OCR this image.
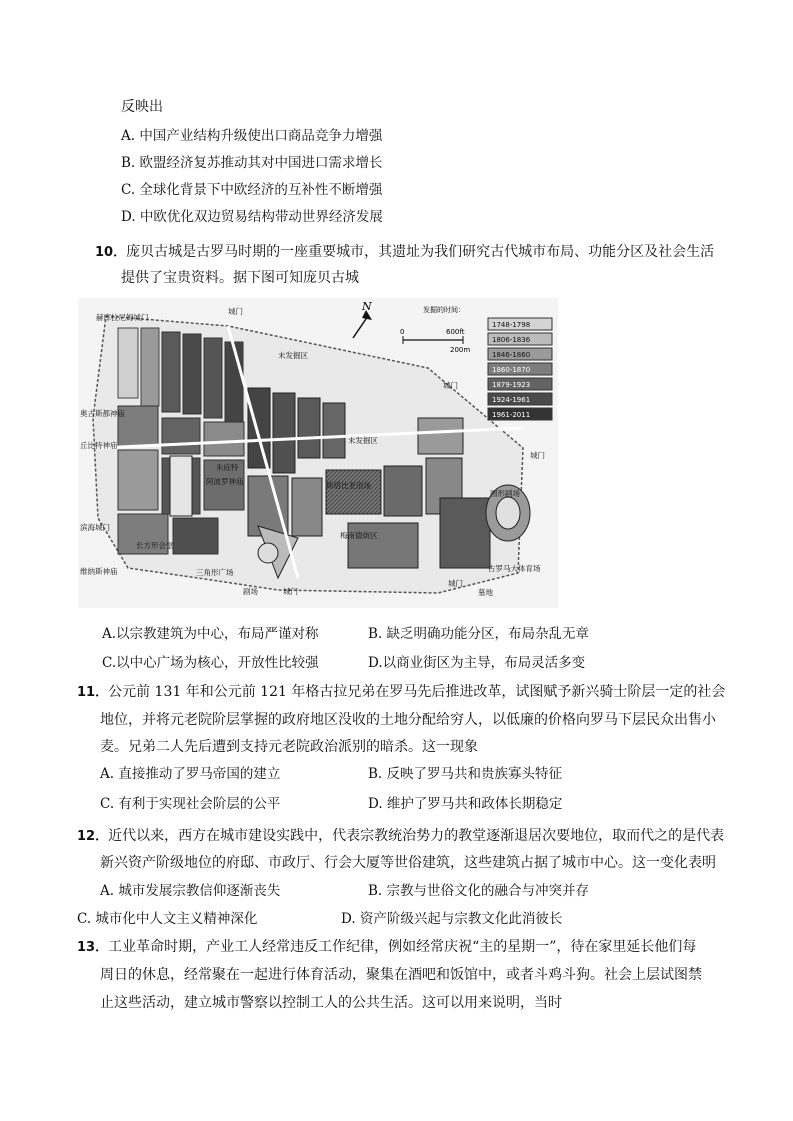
反映出
A. 中国产业结构升级使出口商品竞争力增强
B. 欧盟经济复苏推动其对中国进口需求增长
C. 全球化背景下中欧经济的互补性不断增强
D. 中欧优化双边贸易结构带动世界经济发展
10．庞贝古城是古罗马时期的一座重要城市，其遗址为我们研究古代城市布局、功能分区及社会生活
提供了宝贵资料。据下图可知庞贝古城
赫库拉尼姆城门
城门
未发掘区
未发掘区
城门
城门
奥古斯都神庙
丘比特神庙
滨海城门
维纳斯神庙
长方形会堂
三角形广场
剧场	城门
城门
圆形剧场
古罗马大体育场
墓地
梅南德街区
斯塔比亚浴场
朱庇特
阿波罗神庙
N
0	600ft
200m
发掘的时间：
1748-1798
1806-1836
1846-1860
1860-1870
1879-1923
1924-1961
1961-2011
A.以宗教建筑为中心，布局严谨对称	B. 缺乏明确功能分区，布局杂乱无章
C.以中心广场为核心，开放性比较强	D.以商业街区为主导，布局灵活多变
11．公元前 131 年和公元前 121 年格古拉兄弟在罗马先后推进改革，试图赋予新兴骑士阶层一定的社会
地位，并将元老院阶层掌握的政府地区没收的土地分配给穷人，以低廉的价格向罗马下层民众出售小
麦。兄弟二人先后遭到支持元老院政治派别的暗杀。这一现象
A. 直接推动了罗马帝国的建立	B. 反映了罗马共和贵族寡头特征
C. 有利于实现社会阶层的公平	D. 维护了罗马共和政体长期稳定
12．近代以来，西方在城市建设实践中，代表宗教统治势力的教堂逐渐退居次要地位，取而代之的是代表
新兴资产阶级地位的府邸、市政厅、行会大厦等世俗建筑，这些建筑占据了城市中心。这一变化表明
A. 城市发展宗教信仰逐渐丧失	B. 宗教与世俗文化的融合与冲突并存
C. 城市化中人文主义精神深化	D. 资产阶级兴起与宗教文化此消彼长
13．工业革命时期，产业工人经常违反工作纪律，例如经常庆祝“主的星期一”，待在家里延长他们每
周日的休息，经常聚在一起进行体育活动，聚集在酒吧和饭馆中，或者斗鸡斗狗。社会上层试图禁
止这些活动，建立城市警察以控制工人的公共生活。这可以用来说明，当时
